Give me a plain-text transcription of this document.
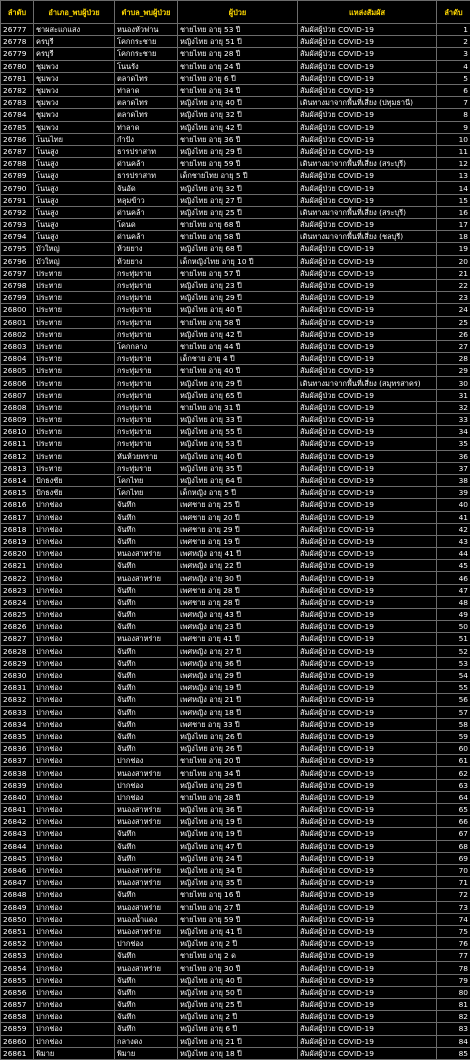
ลำดับ	อำเภอ_พบผู้ป่วย	ตำบล_พบผู้ป่วย	ผู้ป่วย	แหล่งสัมผัส	ลำดับ
26777	ชาผสะแกแสง	หนองหัวฟาน	ชายไทย อายุ 53 ปี	สัมผัสผู้ป่วย COVID-19	1
26778	ครบุรี	โคกกระชาย	หญิงไทย อายุ 51 ปี	สัมผัสผู้ป่วย COVID-19	2
26779	ครบุรี	โคกกระชาย	ชายไทย อายุ 28 ปี	สัมผัสผู้ป่วย COVID-19	3
26780	ชุมพวง	โนนรัง	ชายไทย อายุ 24 ปี	สัมผัสผู้ป่วย COVID-19	4
26781	ชุมพวง	ตลาดไทร	ชายไทย อายุ 6 ปี	สัมผัสผู้ป่วย COVID-19	5
26782	ชุมพวง	ท่าลาด	ชายไทย อายุ 34 ปี	สัมผัสผู้ป่วย COVID-19	6
26783	ชุมพวง	ตลาดไทร	หญิงไทย อายุ 40 ปี	เดินทางมาจากพื้นที่เสี่ยง (ปทุมธานี)	7
26784	ชุมพวง	ตลาดไทร	หญิงไทย อายุ 32 ปี	สัมผัสผู้ป่วย COVID-19	8
26785	ชุมพวง	ท่าลาด	หญิงไทย อายุ 42 ปี	สัมผัสผู้ป่วย COVID-19	9
26786	โนนไทย	กำปัง	ชายไทย อายุ 36 ปี	สัมผัสผู้ป่วย COVID-19	10
26787	โนนสูง	ธารปราสาท	หญิงไทย อายุ 29 ปี	สัมผัสผู้ป่วย COVID-19	11
26788	โนนสูง	ด่านคล้า	ชายไทย อายุ 59 ปี	เดินทางมาจากพื้นที่เสี่ยง (สระบุรี)	12
26789	โนนสูง	ธารปราสาท	เด็กชายไทย อายุ 5 ปี	สัมผัสผู้ป่วย COVID-19	13
26790	โนนสูง	จันอัด	หญิงไทย อายุ 32 ปี	สัมผัสผู้ป่วย COVID-19	14
26791	โนนสูง	หลุมข้าว	หญิงไทย อายุ 27 ปี	สัมผัสผู้ป่วย COVID-19	15
26792	โนนสูง	ด่านคล้า	หญิงไทย อายุ 25 ปี	เดินทางมาจากพื้นที่เสี่ยง (สระบุรี)	16
26793	โนนสูง	โดนด	ชายไทย อายุ 68 ปี	สัมผัสผู้ป่วย COVID-19	17
26794	โนนสูง	ด่านคล้า	ชายไทย อายุ 58 ปี	เดินทางมาจากพื้นที่เสี่ยง (ชลบุรี)	18
26795	บัวใหญ่	ห้วยยาง	หญิงไทย อายุ 68 ปี	สัมผัสผู้ป่วย COVID-19	19
26796	บัวใหญ่	ห้วยยาง	เด็กหญิงไทย อายุ 10 ปี	สัมผัสผู้ป่วย COVID-19	20
26797	ประทาย	กระทุ่มราย	ชายไทย อายุ 57 ปี	สัมผัสผู้ป่วย COVID-19	21
26798	ประทาย	กระทุ่มราย	หญิงไทย อายุ 23 ปี	สัมผัสผู้ป่วย COVID-19	22
26799	ประทาย	กระทุ่มราย	หญิงไทย อายุ 29 ปี	สัมผัสผู้ป่วย COVID-19	23
26800	ประทาย	กระทุ่มราย	หญิงไทย อายุ 40 ปี	สัมผัสผู้ป่วย COVID-19	24
26801	ประทาย	กระทุ่มราย	ชายไทย อายุ 58 ปี	สัมผัสผู้ป่วย COVID-19	25
26802	ประทาย	กระทุ่มราย	หญิงไทย อายุ 42 ปี	สัมผัสผู้ป่วย COVID-19	26
26803	ประทาย	โคกกลาง	ชายไทย อายุ 44 ปี	สัมผัสผู้ป่วย COVID-19	27
26804	ประทาย	กระทุ่มราย	เด็กชาย อายุ 4 ปี	สัมผัสผู้ป่วย COVID-19	28
26805	ประทาย	กระทุ่มราย	ชายไทย อายุ 40 ปี	สัมผัสผู้ป่วย COVID-19	29
26806	ประทาย	กระทุ่มราย	หญิงไทย อายุ 29 ปี	เดินทางมาจากพื้นที่เสี่ยง (สมุทรสาคร)	30
26807	ประทาย	กระทุ่มราย	หญิงไทย อายุ 65 ปี	สัมผัสผู้ป่วย COVID-19	31
26808	ประทาย	กระทุ่มราย	ชายไทย อายุ 31 ปี	สัมผัสผู้ป่วย COVID-19	32
26809	ประทาย	กระทุ่มราย	หญิงไทย อายุ 33 ปี	สัมผัสผู้ป่วย COVID-19	33
26810	ประทาย	กระทุ่มราย	หญิงไทย อายุ 55 ปี	สัมผัสผู้ป่วย COVID-19	34
26811	ประทาย	กระทุ่มราย	หญิงไทย อายุ 53 ปี	สัมผัสผู้ป่วย COVID-19	35
26812	ประทาย	หันห้วยทราย	หญิงไทย อายุ 40 ปี	สัมผัสผู้ป่วย COVID-19	36
26813	ประทาย	กระทุ่มราย	หญิงไทย อายุ 35 ปี	สัมผัสผู้ป่วย COVID-19	37
26814	ปักธงชัย	โคกไทย	หญิงไทย อายุ 64 ปี	สัมผัสผู้ป่วย COVID-19	38
26815	ปักธงชัย	โคกไทย	เด็กหญิง อายุ 5 ปี	สัมผัสผู้ป่วย COVID-19	39
26816	ปากช่อง	จันทึก	เพศชาย อายุ 25 ปี	สัมผัสผู้ป่วย COVID-19	40
26817	ปากช่อง	จันทึก	เพศชาย อายุ 20 ปี	สัมผัสผู้ป่วย COVID-19	41
26818	ปากช่อง	จันทึก	เพศชาย อายุ 29 ปี	สัมผัสผู้ป่วย COVID-19	42
26819	ปากช่อง	จันทึก	เพศชาย อายุ 19 ปี	สัมผัสผู้ป่วย COVID-19	43
26820	ปากช่อง	หนองสาหร่าย	เพศหญิง อายุ 41 ปี	สัมผัสผู้ป่วย COVID-19	44
26821	ปากช่อง	จันทึก	เพศหญิง อายุ 22 ปี	สัมผัสผู้ป่วย COVID-19	45
26822	ปากช่อง	หนองสาหร่าย	เพศหญิง อายุ 30 ปี	สัมผัสผู้ป่วย COVID-19	46
26823	ปากช่อง	จันทึก	เพศชาย อายุ 28 ปี	สัมผัสผู้ป่วย COVID-19	47
26824	ปากช่อง	จันทึก	เพศชาย อายุ 28 ปี	สัมผัสผู้ป่วย COVID-19	48
26825	ปากช่อง	จันทึก	เพศหญิง อายุ 43 ปี	สัมผัสผู้ป่วย COVID-19	49
26826	ปากช่อง	จันทึก	เพศหญิง อายุ 23 ปี	สัมผัสผู้ป่วย COVID-19	50
26827	ปากช่อง	หนองสาหร่าย	เพศชาย อายุ 41 ปี	สัมผัสผู้ป่วย COVID-19	51
26828	ปากช่อง	จันทึก	เพศหญิง อายุ 27 ปี	สัมผัสผู้ป่วย COVID-19	52
26829	ปากช่อง	จันทึก	เพศหญิง อายุ 36 ปี	สัมผัสผู้ป่วย COVID-19	53
26830	ปากช่อง	จันทึก	เพศหญิง อายุ 29 ปี	สัมผัสผู้ป่วย COVID-19	54
26831	ปากช่อง	จันทึก	เพศหญิง อายุ 19 ปี	สัมผัสผู้ป่วย COVID-19	55
26832	ปากช่อง	จันทึก	เพศหญิง อายุ 21 ปี	สัมผัสผู้ป่วย COVID-19	56
26833	ปากช่อง	จันทึก	เพศหญิง อายุ 18 ปี	สัมผัสผู้ป่วย COVID-19	57
26834	ปากช่อง	จันทึก	เพศชาย อายุ 33 ปี	สัมผัสผู้ป่วย COVID-19	58
26835	ปากช่อง	จันทึก	หญิงไทย อายุ 26 ปี	สัมผัสผู้ป่วย COVID-19	59
26836	ปากช่อง	จันทึก	หญิงไทย อายุ 26 ปี	สัมผัสผู้ป่วย COVID-19	60
26837	ปากช่อง	ปากช่อง	ชายไทย อายุ 20 ปี	สัมผัสผู้ป่วย COVID-19	61
26838	ปากช่อง	หนองสาหร่าย	ชายไทย อายุ 34 ปี	สัมผัสผู้ป่วย COVID-19	62
26839	ปากช่อง	ปากช่อง	หญิงไทย อายุ 29 ปี	สัมผัสผู้ป่วย COVID-19	63
26840	ปากช่อง	ปากช่อง	ชายไทย อายุ 28 ปี	สัมผัสผู้ป่วย COVID-19	64
26841	ปากช่อง	หนองสาหร่าย	หญิงไทย อายุ 36 ปี	สัมผัสผู้ป่วย COVID-19	65
26842	ปากช่อง	หนองสาหร่าย	หญิงไทย อายุ 19 ปี	สัมผัสผู้ป่วย COVID-19	66
26843	ปากช่อง	จันทึก	หญิงไทย อายุ 19 ปี	สัมผัสผู้ป่วย COVID-19	67
26844	ปากช่อง	จันทึก	หญิงไทย อายุ 47 ปี	สัมผัสผู้ป่วย COVID-19	68
26845	ปากช่อง	จันทึก	หญิงไทย อายุ 24 ปี	สัมผัสผู้ป่วย COVID-19	69
26846	ปากช่อง	หนองสาหร่าย	หญิงไทย อายุ 34 ปี	สัมผัสผู้ป่วย COVID-19	70
26847	ปากช่อง	หนองสาหร่าย	หญิงไทย อายุ 35 ปี	สัมผัสผู้ป่วย COVID-19	71
26848	ปากช่อง	จันทึก	ชายไทย อายุ 16 ปี	สัมผัสผู้ป่วย COVID-19	72
26849	ปากช่อง	หนองสาหร่าย	ชายไทย อายุ 27 ปี	สัมผัสผู้ป่วย COVID-19	73
26850	ปากช่อง	หนองน้ำแดง	ชายไทย อายุ 59 ปี	สัมผัสผู้ป่วย COVID-19	74
26851	ปากช่อง	หนองสาหร่าย	หญิงไทย อายุ 41 ปี	สัมผัสผู้ป่วย COVID-19	75
26852	ปากช่อง	ปากช่อง	หญิงไทย อายุ 2 ปี	สัมผัสผู้ป่วย COVID-19	76
26853	ปากช่อง	จันทึก	ชายไทย อายุ 2 ด	สัมผัสผู้ป่วย COVID-19	77
26854	ปากช่อง	หนองสาหร่าย	ชายไทย อายุ 30 ปี	สัมผัสผู้ป่วย COVID-19	78
26855	ปากช่อง	จันทึก	หญิงไทย อายุ 40 ปี	สัมผัสผู้ป่วย COVID-19	79
26856	ปากช่อง	จันทึก	หญิงไทย อายุ 50 ปี	สัมผัสผู้ป่วย COVID-19	80
26857	ปากช่อง	จันทึก	หญิงไทย อายุ 25 ปี	สัมผัสผู้ป่วย COVID-19	81
26858	ปากช่อง	จันทึก	หญิงไทย อายุ 2 ปี	สัมผัสผู้ป่วย COVID-19	82
26859	ปากช่อง	จันทึก	หญิงไทย อายุ 6 ปี	สัมผัสผู้ป่วย COVID-19	83
26860	ปากช่อง	กลางดง	หญิงไทย อายุ 21 ปี	สัมผัสผู้ป่วย COVID-19	84
26861	พิมาย	พิมาย	หญิงไทย อายุ 18 ปี	สัมผัสผู้ป่วย COVID-19	85
